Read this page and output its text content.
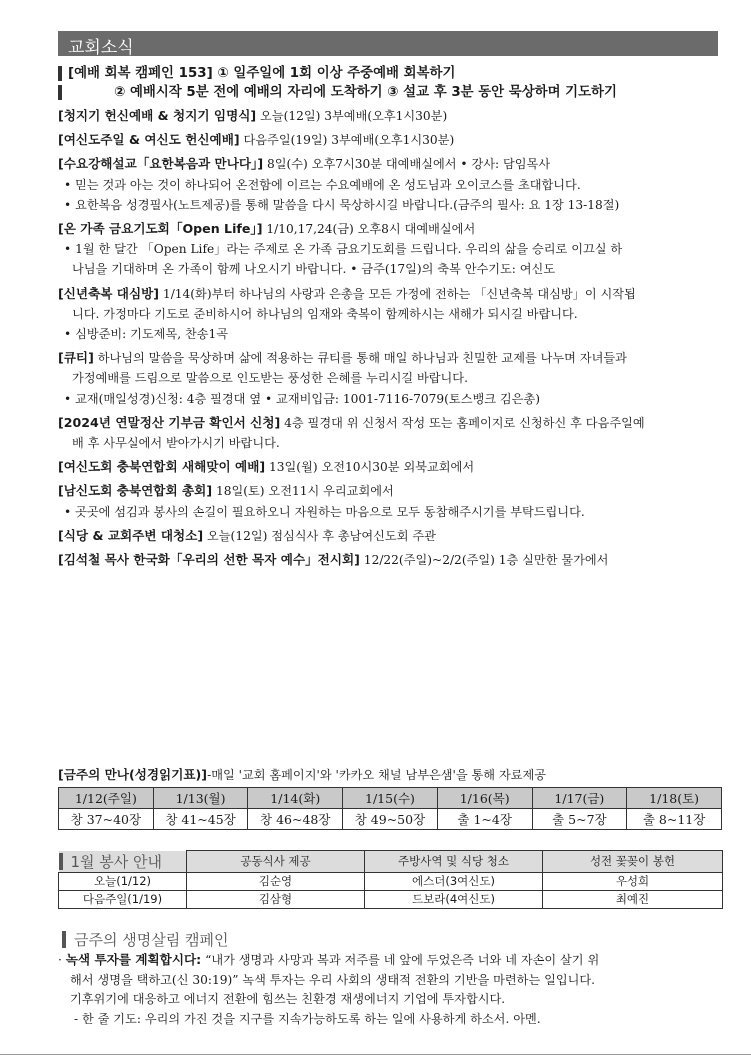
교회소식

[예배 회복 캠페인 153] ① 일주일에 1회 이상 주중예배 회복하기

② 예배시작 5분 전에 예배의 자리에 도착하기 ③ 설교 후 3분 동안 묵상하며 기도하기

[청지기 헌신예배 & 청지기 임명식] 오늘(12일) 3부예배(오후1시30분)

[여신도주일 & 여신도 헌신예배] 다음주일(19일) 3부예배(오후1시30분)

[수요강해설교「요한복음과 만나다」] 8일(수) 오후7시30분 대예배실에서 • 강사: 담임목사

• 믿는 것과 아는 것이 하나되어 온전함에 이르는 수요예배에 온 성도님과 오이코스를 초대합니다.

• 요한복음 성경필사(노트제공)를 통해 말씀을 다시 묵상하시길 바랍니다.(금주의 필사: 요 1장 13-18절)

[온 가족 금요기도회「Open Life」] 1/10,17,24(금) 오후8시 대예배실에서

• 1월 한 달간 「Open Life」라는 주제로 온 가족 금요기도회를 드립니다. 우리의 삶을 승리로 이끄실 하

나님을 기대하며 온 가족이 함께 나오시기 바랍니다. • 금주(17일)의 축복 안수기도: 여신도

[신년축복 대심방] 1/14(화)부터 하나님의 사랑과 은총을 모든 가정에 전하는 「신년축복 대심방」이 시작됩

니다. 가정마다 기도로 준비하시어 하나님의 임재와 축복이 함께하시는 새해가 되시길 바랍니다.

• 심방준비: 기도제목, 찬송1곡

[큐티] 하나님의 말씀을 묵상하며 삶에 적용하는 큐티를 통해 매일 하나님과 친밀한 교제를 나누며 자녀들과

가정예배를 드림으로 말씀으로 인도받는 풍성한 은혜를 누리시길 바랍니다.

• 교재(매일성경)신청: 4층 필경대 옆 • 교재비입금: 1001-7116-7079(토스뱅크 김은총)

[2024년 연말정산 기부금 확인서 신청] 4층 필경대 위 신청서 작성 또는 홈페이지로 신청하신 후 다음주일예

배 후 사무실에서 받아가시기 바랍니다.

[여신도회 충북연합회 새해맞이 예배] 13일(월) 오전10시30분 외북교회에서

[남신도회 충북연합회 총회] 18일(토) 오전11시 우리교회에서

• 곳곳에 섬김과 봉사의 손길이 필요하오니 자원하는 마음으로 모두 동참해주시기를 부탁드립니다.

[식당 & 교회주변 대청소] 오늘(12일) 점심식사 후 총남여신도회 주관

[김석철 목사 한국화「우리의 선한 목자 예수」전시회] 12/22(주일)~2/2(주일) 1층 실만한 물가에서

[금주의 만나(성경읽기표)]-매일 '교회 홈페이지'와 '카카오 채널 남부은샘'을 통해 자료제공
1/12(주일)	1/13(월)	1/14(화)	1/15(수)	1/16(목)	1/17(금)	1/18(토)
창 37~40장	창 41~45장	창 46~48장	창 49~50장	출 1~4장	출 5~7장	출 8~11장
1월 봉사 안내	공동식사 제공	주방사역 및 식당 청소	성전 꽃꽂이 봉헌
오늘(1/12)	김순영	에스더(3여신도)	우성희
다음주일(1/19)	김삼형	드보라(4여신도)	최예진
금주의 생명살림 캠페인

· 녹색 투자를 계획합시다: “내가 생명과 사망과 복과 저주를 네 앞에 두었은즉 너와 네 자손이 살기 위

해서 생명을 택하고(신 30:19)” 녹색 투자는 우리 사회의 생태적 전환의 기반을 마련하는 일입니다.

기후위기에 대응하고 에너지 전환에 힘쓰는 친환경 재생에너지 기업에 투자합시다.

- 한 줄 기도: 우리의 가진 것을 지구를 지속가능하도록 하는 일에 사용하게 하소서. 아멘.
